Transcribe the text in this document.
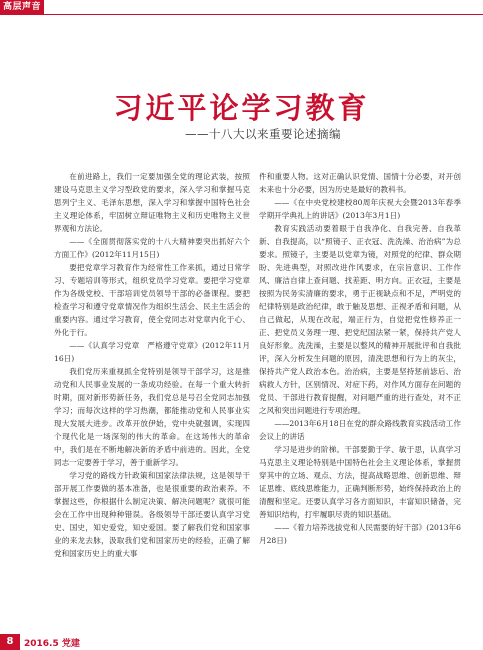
高层声音
习近平论学习教育
——十八大以来重要论述摘编

在前进路上，我们一定要加强全党的理论武装，按照建设马克思主义学习型政党的要求，深入学习和掌握马克思列宁主义、毛泽东思想，深入学习和掌握中国特色社会主义理论体系，牢固树立辩证唯物主义和历史唯物主义世界观和方法论。

——《全面贯彻落实党的十八大精神要突出抓好六个方面工作》(2012年11月15日)

要把党章学习教育作为经常性工作来抓，通过日常学习、专题培训等形式，组织党员学习党章。要把学习党章作为各级党校、干部培训党员领导干部的必备课程。要把检查学习和遵守党章情况作为组织生活会、民主生活会的重要内容。通过学习教育，使全党同志对党章内化于心、外化于行。

——《认真学习党章　严格遵守党章》(2012年11月16日)

我们党历来重视抓全党特别是领导干部学习，这是推动党和人民事业发展的一条成功经验。在每一个重大转折时期，面对新形势新任务，我们党总是号召全党同志加强学习；而每次这样的学习热潮，都能推动党和人民事业实现大发展大进步。改革开放伊始，党中央就强调，实现四个现代化是一场深刻的伟大的革命。在这场伟大的革命中，我们是在不断地解决新的矛盾中前进的。因此，全党同志一定要善于学习，善于重新学习。

学习党的路线方针政策和国家法律法规，这是领导干部开展工作要做的基本准备，也是很重要的政治素养。不掌握这些，你根据什么制定决策、解决问题呢？就很可能会在工作中出现种种错误。各级领导干部还要认真学习党史、国史，知史爱党，知史爱国。要了解我们党和国家事业的来龙去脉，汲取我们党和国家历史的经验，正确了解党和国家历史上的重大事

件和重要人物。这对正确认识党情、国情十分必要，对开创未来也十分必要，因为历史是最好的教科书。

——《在中央党校建校80周年庆祝大会暨2013年春季学期开学典礼上的讲话》(2013年3月1日)

教育实践活动要着眼于自我净化、自我完善、自我革新、自我提高，以“照镜子、正衣冠、洗洗澡、治治病”为总要求。照镜子，主要是以党章为镜，对照党的纪律、群众期盼、先进典型，对照改进作风要求，在宗旨意识、工作作风、廉洁自律上查问题、找差距、明方向。正衣冠，主要是按照为民务实清廉的要求，勇于正视缺点和不足，严明党的纪律特别是政治纪律，敢于触及思想、正视矛盾和问题，从自己做起，从现在改起，端正行为，自觉把党性修养正一正、把党员义务理一理、把党纪国法紧一紧，保持共产党人良好形象。洗洗澡，主要是以整风的精神开展批评和自我批评，深入分析发生问题的原因，清洗思想和行为上的灰尘，保持共产党人政治本色。治治病，主要是坚持惩前毖后、治病救人方针，区别情况、对症下药，对作风方面存在问题的党员、干部进行教育提醒，对问题严重的进行查处，对不正之风和突出问题进行专项治理。

——2013年6月18日在党的群众路线教育实践活动工作会议上的讲话

学习是进步的阶梯。干部要勤于学、敏于思，认真学习马克思主义理论特别是中国特色社会主义理论体系，掌握贯穿其中的立场、观点、方法，提高战略思维、创新思维、辩证思维、底线思维能力，正确判断形势，始终保持政治上的清醒和坚定。还要认真学习各方面知识，丰富知识储备，完善知识结构，打牢履职尽责的知识基础。

——《着力培养选拔党和人民需要的好干部》(2013年6月28日)

8	2016.5 党建
